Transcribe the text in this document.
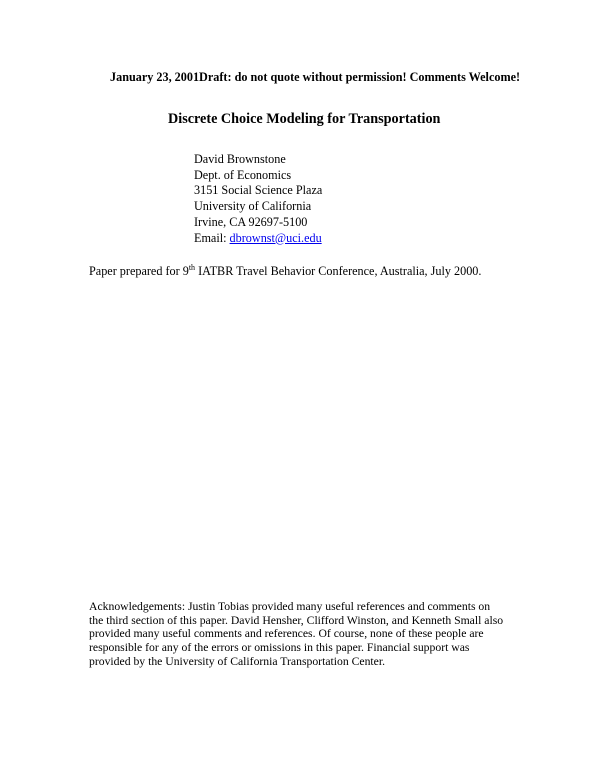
January 23, 2001Draft: do not quote without permission! Comments Welcome!
Discrete Choice Modeling for Transportation
David Brownstone
Dept. of Economics
3151 Social Science Plaza
University of California
Irvine, CA 92697-5100
Email: dbrownst@uci.edu
Paper prepared for 9th IATBR Travel Behavior Conference, Australia, July 2000.
Acknowledgements: Justin Tobias provided many useful references and comments on
the third section of this paper. David Hensher, Clifford Winston, and Kenneth Small also
provided many useful comments and references. Of course, none of these people are
responsible for any of the errors or omissions in this paper. Financial support was
provided by the University of California Transportation Center.
